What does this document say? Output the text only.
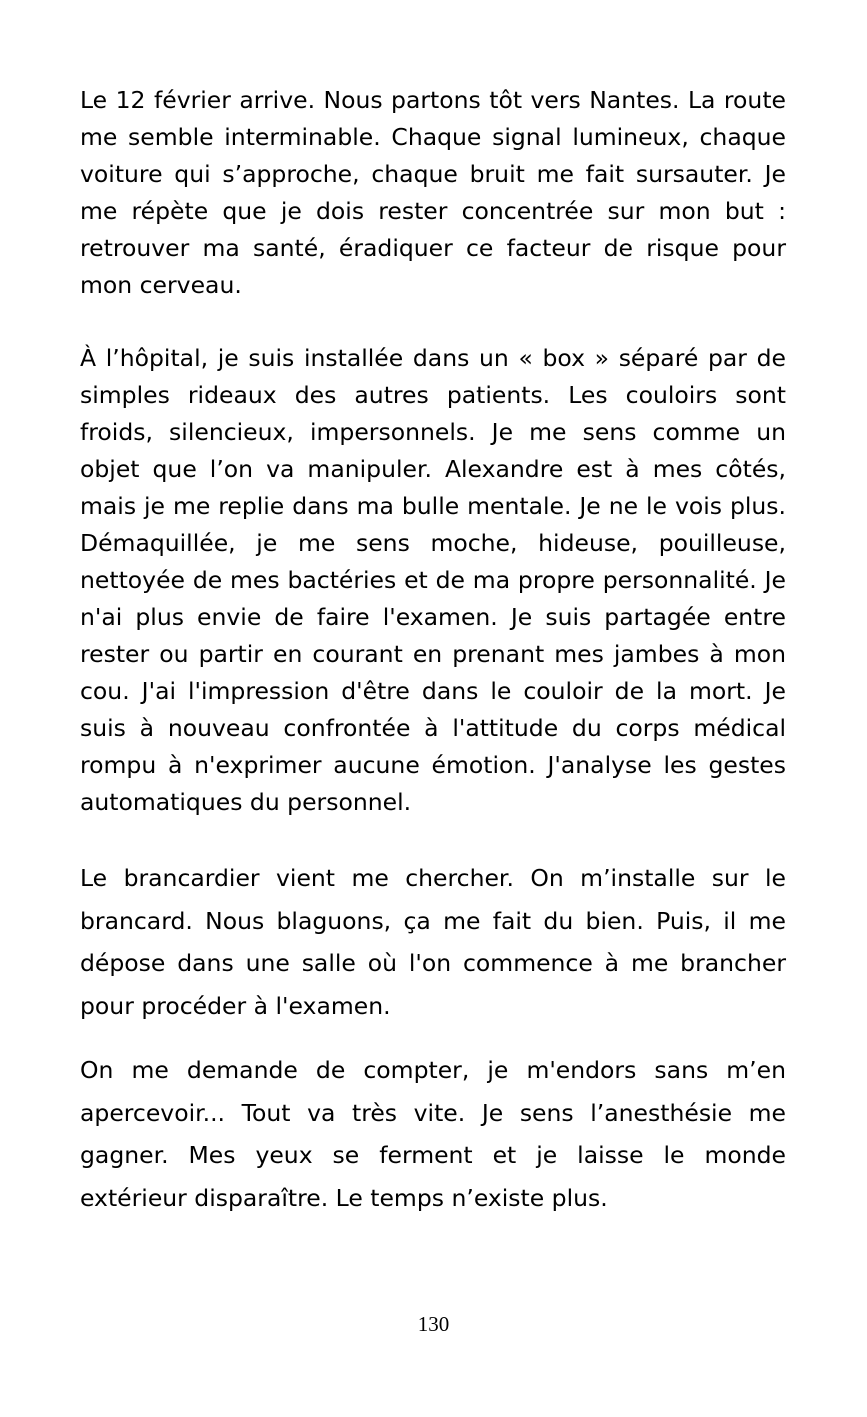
Le 12 février arrive. Nous partons tôt vers Nantes. La route me semble interminable. Chaque signal lumineux, chaque voiture qui s’approche, chaque bruit me fait sursauter. Je me répète que je dois rester concentrée sur mon but : retrouver ma santé, éradiquer ce facteur de risque pour mon cerveau.

À l’hôpital, je suis installée dans un « box » séparé par de simples rideaux des autres patients. Les couloirs sont froids, silencieux, impersonnels. Je me sens comme un objet que l’on va manipuler. Alexandre est à mes côtés, mais je me replie dans ma bulle mentale. Je ne le vois plus. Démaquillée, je me sens moche, hideuse, pouilleuse, nettoyée de mes bactéries et de ma propre personnalité. Je n'ai plus envie de faire l'examen. Je suis partagée entre rester ou partir en courant en prenant mes jambes à mon cou. J'ai l'impression d'être dans le couloir de la mort. Je suis à nouveau confrontée à l'attitude du corps médical rompu à n'exprimer aucune émotion. J'analyse les gestes automatiques du personnel.

Le brancardier vient me chercher. On m’installe sur le brancard. Nous blaguons, ça me fait du bien. Puis, il me dépose dans une salle où l'on commence à me brancher pour procéder à l'examen.

On me demande de compter, je m'endors sans m’en apercevoir... Tout va très vite. Je sens l’anesthésie me gagner. Mes yeux se ferment et je laisse le monde extérieur disparaître. Le temps n’existe plus.

130
